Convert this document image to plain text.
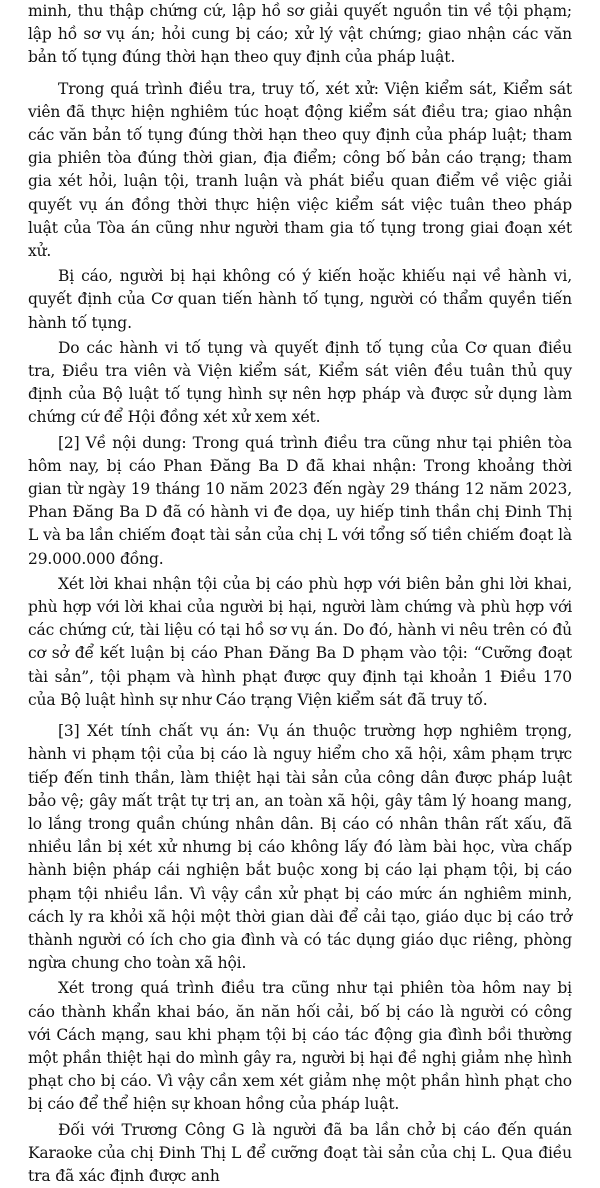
minh, thu thập chứng cứ, lập hồ sơ giải quyết nguồn tin về tội phạm; lập hồ sơ vụ án; hỏi cung bị cáo; xử lý vật chứng; giao nhận các văn bản tố tụng đúng thời hạn theo quy định của pháp luật.

Trong quá trình điều tra, truy tố, xét xử: Viện kiểm sát, Kiểm sát viên đã thực hiện nghiêm túc hoạt động kiểm sát điều tra; giao nhận các văn bản tố tụng đúng thời hạn theo quy định của pháp luật; tham gia phiên tòa đúng thời gian, địa điểm; công bố bản cáo trạng; tham gia xét hỏi, luận tội, tranh luận và phát biểu quan điểm về việc giải quyết vụ án đồng thời thực hiện việc kiểm sát việc tuân theo pháp luật của Tòa án cũng như người tham gia tố tụng trong giai đoạn xét xử.

Bị cáo, người bị hại không có ý kiến hoặc khiếu nại về hành vi, quyết định của Cơ quan tiến hành tố tụng, người có thẩm quyền tiến hành tố tụng.

Do các hành vi tố tụng và quyết định tố tụng của Cơ quan điều tra, Điều tra viên và Viện kiểm sát, Kiểm sát viên đều tuân thủ quy định của Bộ luật tố tụng hình sự nên hợp pháp và được sử dụng làm chứng cứ để Hội đồng xét xử xem xét.

[2] Về nội dung: Trong quá trình điều tra cũng như tại phiên tòa hôm nay, bị cáo Phan Đăng Ba D đã khai nhận: Trong khoảng thời gian từ ngày 19 tháng 10 năm 2023 đến ngày 29 tháng 12 năm 2023, Phan Đăng Ba D đã có hành vi đe dọa, uy hiếp tinh thần chị Đinh Thị L và ba lần chiếm đoạt tài sản của chị L với tổng số tiền chiếm đoạt là 29.000.000 đồng.

Xét lời khai nhận tội của bị cáo phù hợp với biên bản ghi lời khai, phù hợp với lời khai của người bị hại, người làm chứng và phù hợp với các chứng cứ, tài liệu có tại hồ sơ vụ án. Do đó, hành vi nêu trên có đủ cơ sở để kết luận bị cáo Phan Đăng Ba D phạm vào tội: “Cưỡng đoạt tài sản”, tội phạm và hình phạt được quy định tại khoản 1 Điều 170 của Bộ luật hình sự như Cáo trạng Viện kiểm sát đã truy tố.

[3] Xét tính chất vụ án: Vụ án thuộc trường hợp nghiêm trọng, hành vi phạm tội của bị cáo là nguy hiểm cho xã hội, xâm phạm trực tiếp đến tinh thần, làm thiệt hại tài sản của công dân được pháp luật bảo vệ; gây mất trật tự trị an, an toàn xã hội, gây tâm lý hoang mang, lo lắng trong quần chúng nhân dân. Bị cáo có nhân thân rất xấu, đã nhiều lần bị xét xử nhưng bị cáo không lấy đó làm bài học, vừa chấp hành biện pháp cái nghiện bắt buộc xong bị cáo lại phạm tội, bị cáo phạm tội nhiều lần. Vì vậy cần xử phạt bị cáo mức án nghiêm minh, cách ly ra khỏi xã hội một thời gian dài để cải tạo, giáo dục bị cáo trở thành người có ích cho gia đình và có tác dụng giáo dục riêng, phòng ngừa chung cho toàn xã hội.

Xét trong quá trình điều tra cũng như tại phiên tòa hôm nay bị cáo thành khẩn khai báo, ăn năn hối cải, bố bị cáo là người có công với Cách mạng, sau khi phạm tội bị cáo tác động gia đình bồi thường một phần thiệt hại do mình gây ra, người bị hại đề nghị giảm nhẹ hình phạt cho bị cáo. Vì vậy cần xem xét giảm nhẹ một phần hình phạt cho bị cáo để thể hiện sự khoan hồng của pháp luật.

Đối với Trương Công G là người đã ba lần chở bị cáo đến quán Karaoke của chị Đinh Thị L để cưỡng đoạt tài sản của chị L. Qua điều tra đã xác định được anh
